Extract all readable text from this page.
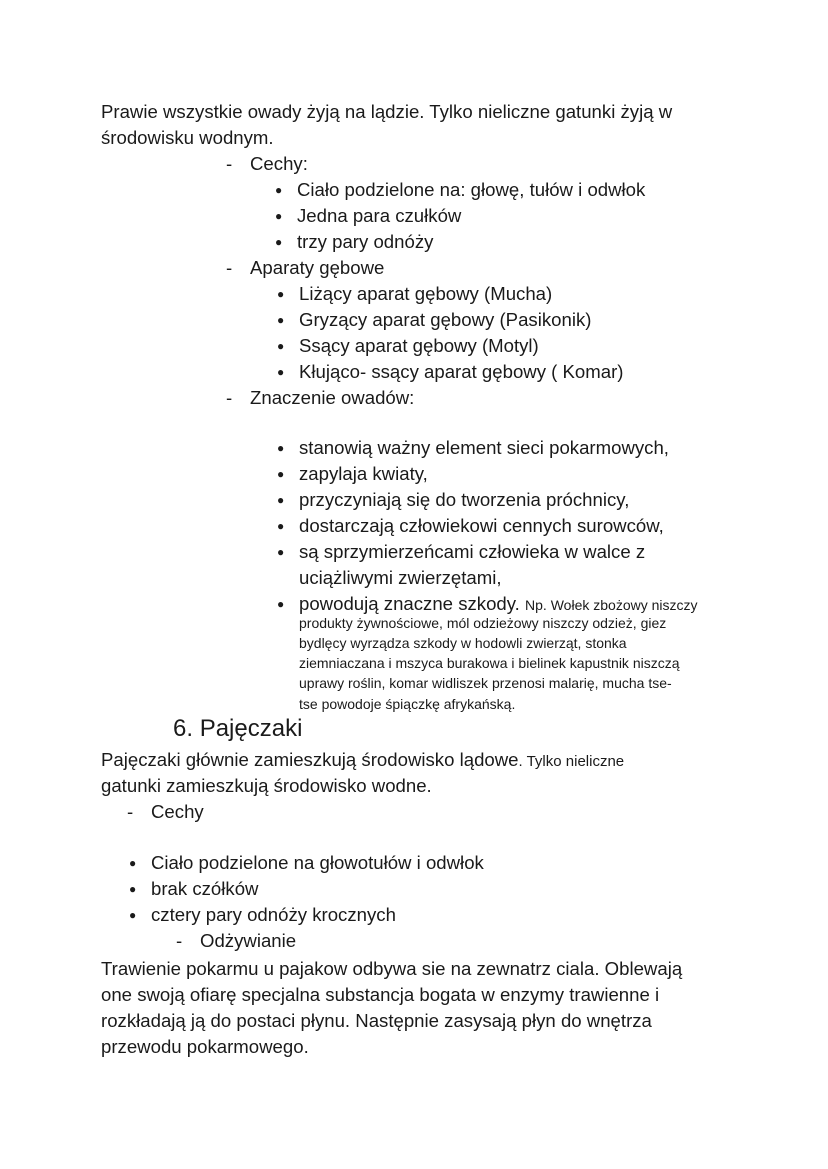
Prawie wszystkie owady żyją na lądzie. Tylko nieliczne gatunki żyją w

środowisku wodnym.

- Cechy:

● Ciało podzielone na: głowę, tułów i odwłok

● Jedna para czułków

● trzy pary odnóży

- Aparaty gębowe

● Liżący aparat gębowy (Mucha)

● Gryzący aparat gębowy (Pasikonik)

● Ssący aparat gębowy (Motyl)

● Kłująco- ssący aparat gębowy ( Komar)

- Znaczenie owadów:

● stanowią ważny element sieci pokarmowych,

● zapylaja kwiaty,

● przyczyniają się do tworzenia próchnicy,

● dostarczają człowiekowi cennych surowców,

● są sprzymierzeńcami człowieka w walce z

uciążliwymi zwierzętami,

● powodują znaczne szkody. Np. Wołek zbożowy niszczy

produkty żywnościowe, mól odzieżowy niszczy odzież, giez

bydlęcy wyrządza szkody w hodowli zwierząt, stonka

ziemniaczana i mszyca burakowa i bielinek kapustnik niszczą

uprawy roślin, komar widliszek przenosi malarię, mucha tse-

tse powodoje śpiączkę afrykańską.

6. Pajęczaki

Pajęczaki głównie zamieszkują środowisko lądowe. Tylko nieliczne

gatunki zamieszkują środowisko wodne.

- Cechy

● Ciało podzielone na głowotułów i odwłok

● brak czółków

● cztery pary odnóży krocznych

- Odżywianie

Trawienie pokarmu u pajakow odbywa sie na zewnatrz ciala. Oblewają

one swoją ofiarę specjalna substancja bogata w enzymy trawienne i

rozkładają ją do postaci płynu. Następnie zasysają płyn do wnętrza

przewodu pokarmowego.
